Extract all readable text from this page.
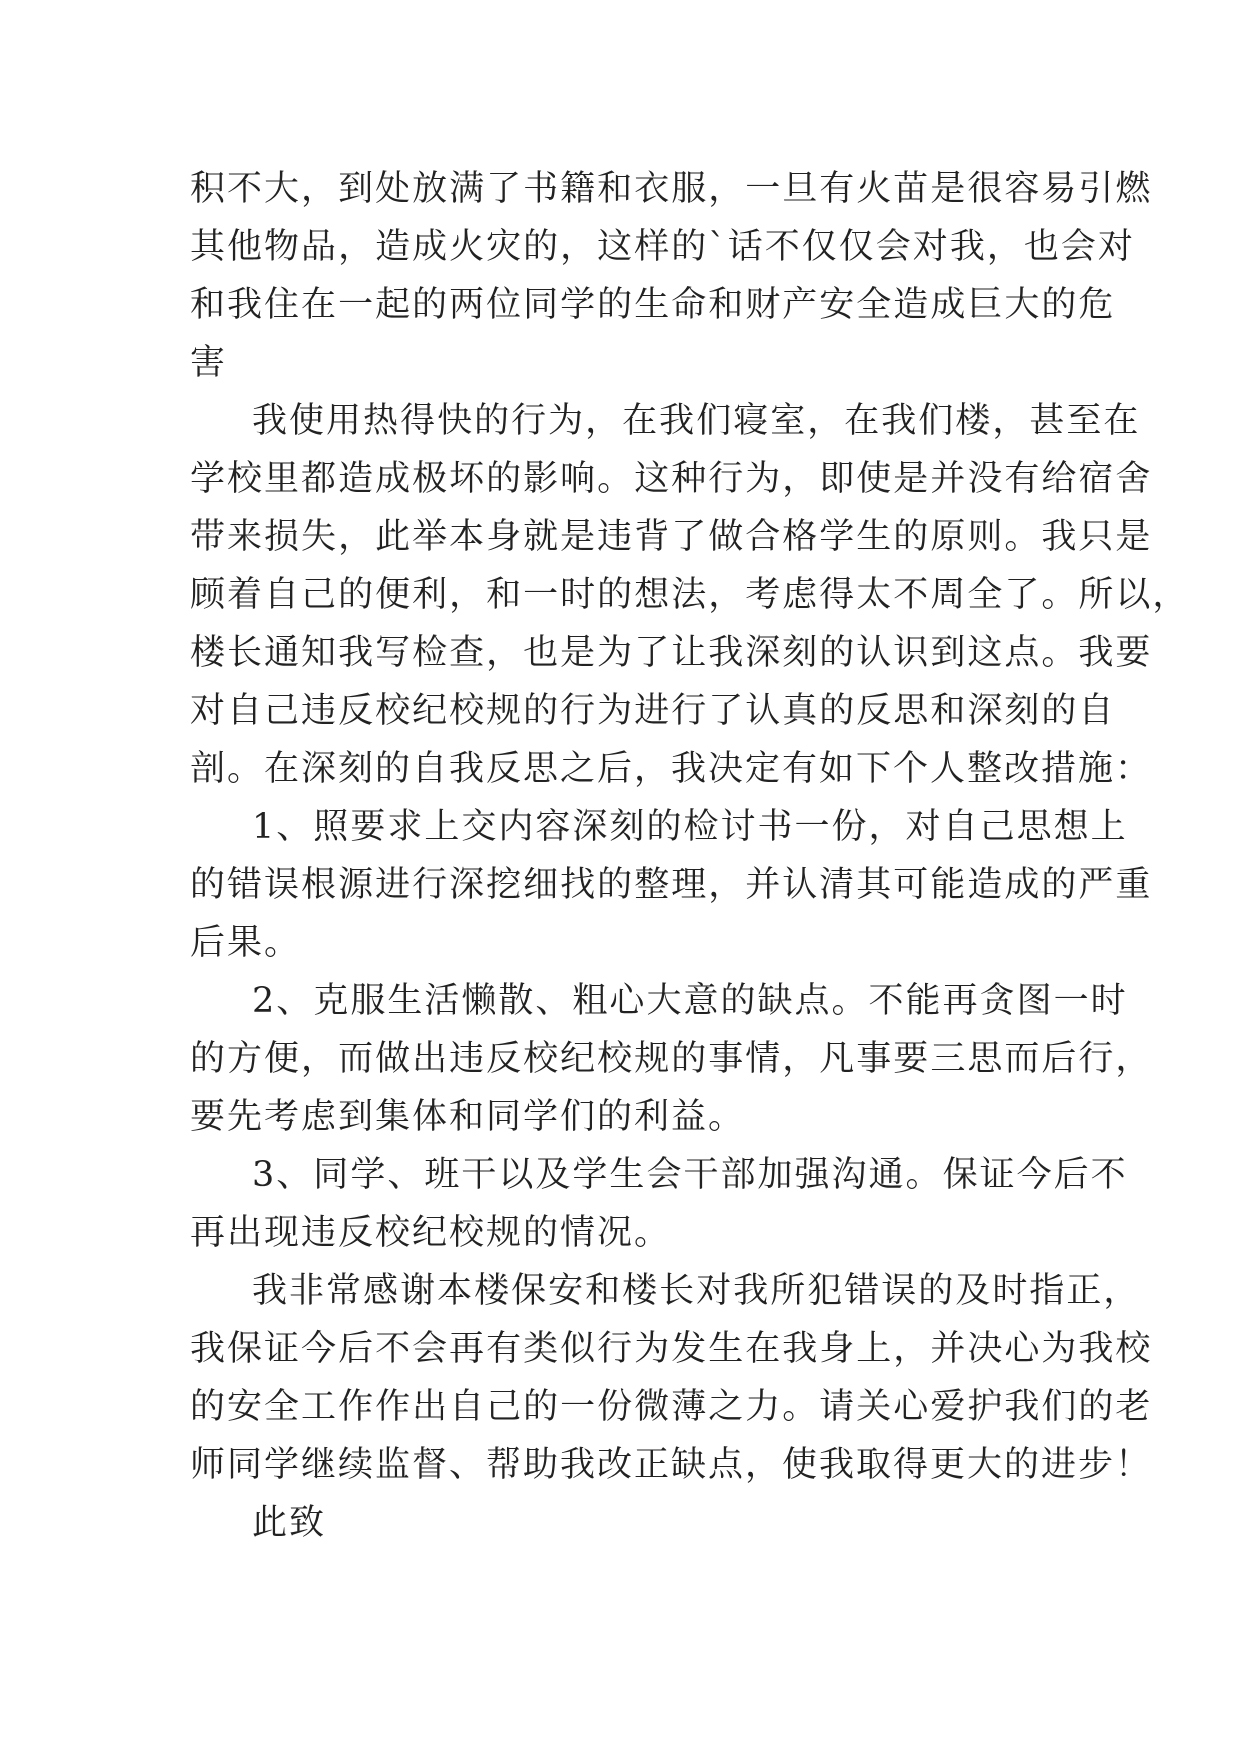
积 不 大 ， 到 处 放 满 了 书 籍 和 衣 服 ， 一 旦 有 火 苗 是 很 容 易 引 燃
其 他 物 品 ， 造 成 火 灾 的 ， 这 样 的 ` 话 不 仅 仅 会 对 我 ， 也 会 对
和 我 住 在 一 起 的 两 位 同 学 的 生 命 和 财 产 安 全 造 成 巨 大 的 危
害
我 使 用 热 得 快 的 行 为 ， 在 我 们 寝 室 ， 在 我 们 楼 ， 甚 至 在
学 校 里 都 造 成 极 坏 的 影 响 。 这 种 行 为 ， 即 使 是 并 没 有 给 宿 舍
带 来 损 失 ， 此 举 本 身 就 是 违 背 了 做 合 格 学 生 的 原 则 。 我 只 是
顾 着 自 己 的 便 利 ， 和 一 时 的 想 法 ， 考 虑 得 太 不 周 全 了 。 所 以 ，
楼 长 通 知 我 写 检 查 ， 也 是 为 了 让 我 深 刻 的 认 识 到 这 点 。 我 要
对 自 己 违 反 校 纪 校 规 的 行 为 进 行 了 认 真 的 反 思 和 深 刻 的 自
剖。在深刻的自我反思之后，我决定有如下个人整改措施：
1 、 照 要 求 上 交 内 容 深 刻 的 检 讨 书 一 份 ， 对 自 己 思 想 上
的 错 误 根 源 进 行 深 挖 细 找 的 整 理 ， 并 认 清 其 可 能 造 成 的 严 重
后果。
2 、 克 服 生 活 懒 散 、 粗 心 大 意 的 缺 点 。 不 能 再 贪 图 一 时
的 方 便 ， 而 做 出 违 反 校 纪 校 规 的 事 情 ， 凡 事 要 三 思 而 后 行 ，
要先考虑到集体和同学们的利益。
3 、 同 学 、 班 干 以 及 学 生 会 干 部 加 强 沟 通 。 保 证 今 后 不
再出现违反校纪校规的情况。
我 非 常 感 谢 本 楼 保 安 和 楼 长 对 我 所 犯 错 误 的 及 时 指 正 ，
我 保 证 今 后 不 会 再 有 类 似 行 为 发 生 在 我 身 上 ， 并 决 心 为 我 校
的 安 全 工 作 作 出 自 己 的 一 份 微 薄 之 力 。 请 关 心 爱 护 我 们 的 老
师同学继续监督、帮助我改正缺点，使我取得更大的进步！
此致
